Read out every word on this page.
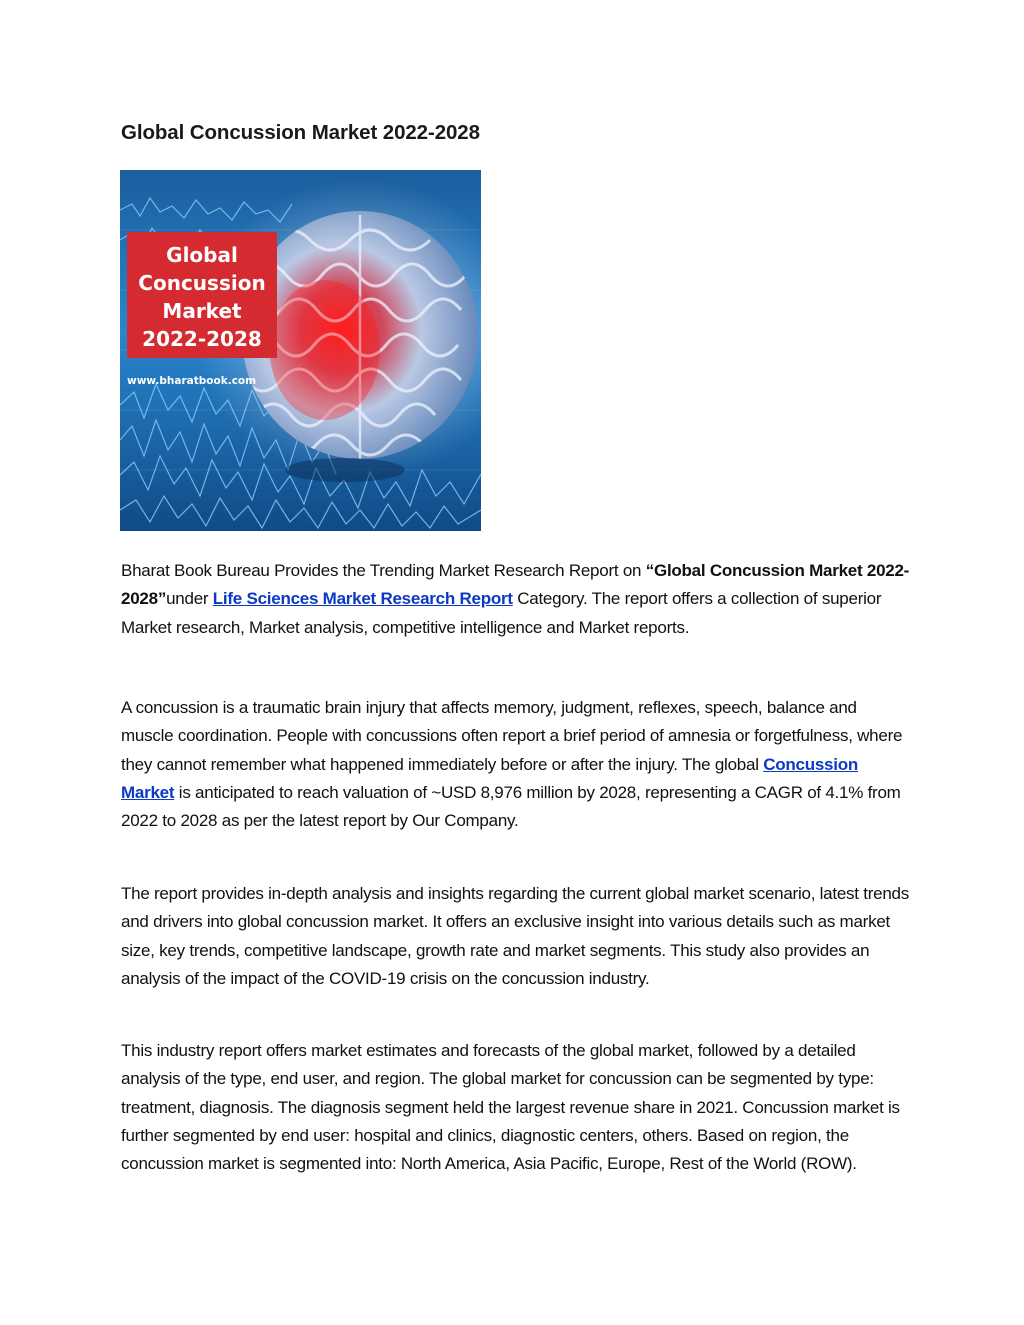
Global Concussion Market 2022-2028
Global
Concussion
Market
2022-2028
www.bharatbook.com

Bharat Book Bureau Provides the Trending Market Research Report on “Global Concussion Market 2022-2028”under Life Sciences Market Research Report Category. The report offers a collection of superior Market research, Market analysis, competitive intelligence and Market reports.

A concussion is a traumatic brain injury that affects memory, judgment, reflexes, speech, balance and muscle coordination. People with concussions often report a brief period of amnesia or forgetfulness, where they cannot remember what happened immediately before or after the injury. The global Concussion Market is anticipated to reach valuation of ~USD 8,976 million by 2028, representing a CAGR of 4.1% from 2022 to 2028 as per the latest report by Our Company.

The report provides in-depth analysis and insights regarding the current global market scenario, latest trends and drivers into global concussion market. It offers an exclusive insight into various details such as market size, key trends, competitive landscape, growth rate and market segments. This study also provides an analysis of the impact of the COVID-19 crisis on the concussion industry.

This industry report offers market estimates and forecasts of the global market, followed by a detailed analysis of the type, end user, and region. The global market for concussion can be segmented by type: treatment, diagnosis. The diagnosis segment held the largest revenue share in 2021. Concussion market is further segmented by end user: hospital and clinics, diagnostic centers, others. Based on region, the concussion market is segmented into: North America, Asia Pacific, Europe, Rest of the World (ROW).
